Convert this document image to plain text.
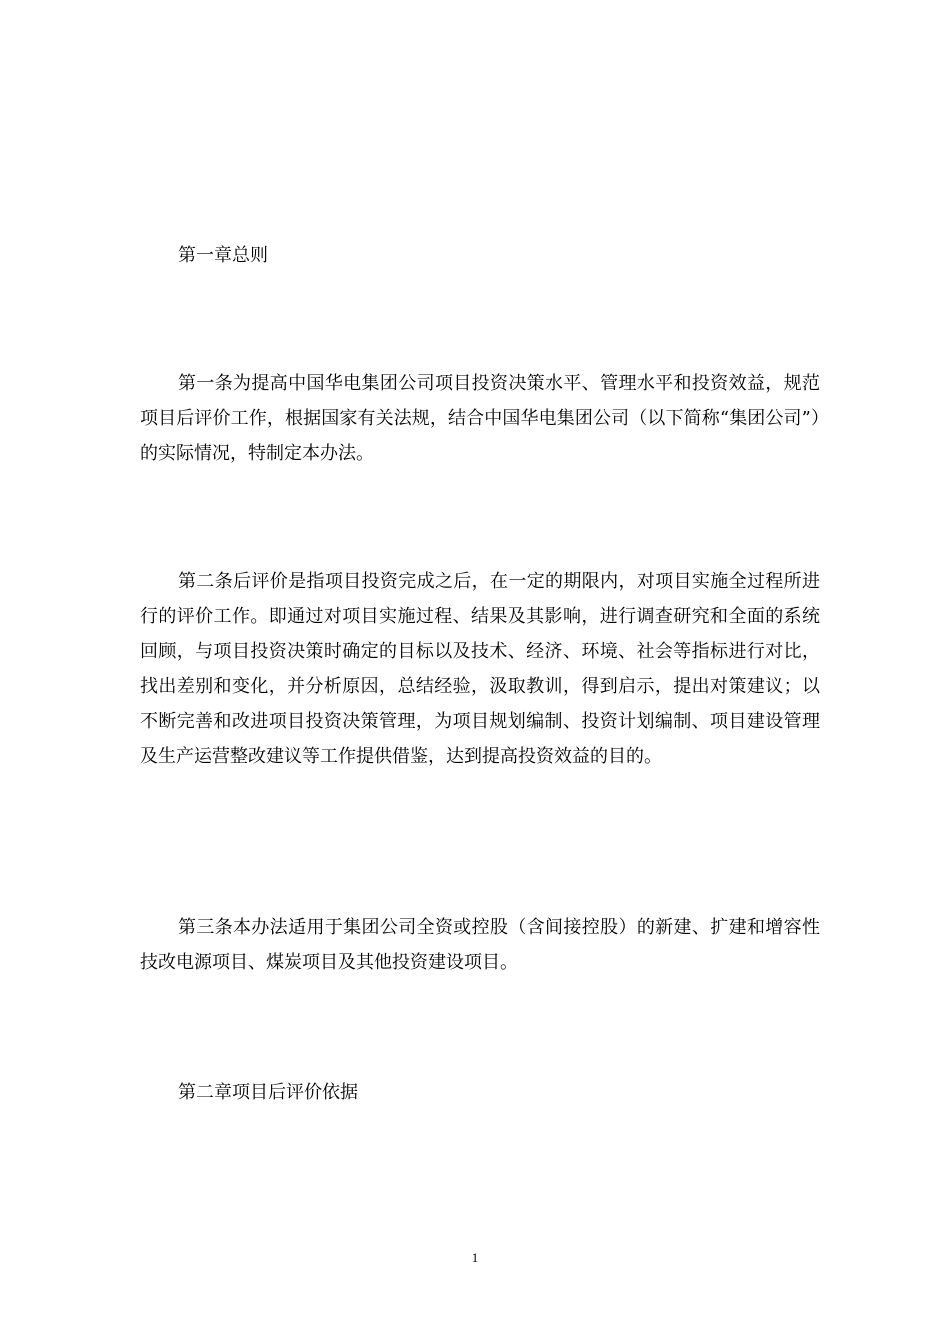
第一章总则

第一条为提高中国华电集团公司项目投资决策水平、管理水平和投资效益，规范项目后评价工作，根据国家有关法规，结合中国华电集团公司（以下简称“集团公司”）的实际情况，特制定本办法。

第二条后评价是指项目投资完成之后，在一定的期限内，对项目实施全过程所进行的评价工作。即通过对项目实施过程、结果及其影响，进行调查研究和全面的系统回顾，与项目投资决策时确定的目标以及技术、经济、环境、社会等指标进行对比，找出差别和变化，并分析原因，总结经验，汲取教训，得到启示，提出对策建议；以不断完善和改进项目投资决策管理，为项目规划编制、投资计划编制、项目建设管理及生产运营整改建议等工作提供借鉴，达到提高投资效益的目的。

第三条本办法适用于集团公司全资或控股（含间接控股）的新建、扩建和增容性技改电源项目、煤炭项目及其他投资建设项目。

第二章项目后评价依据

1
